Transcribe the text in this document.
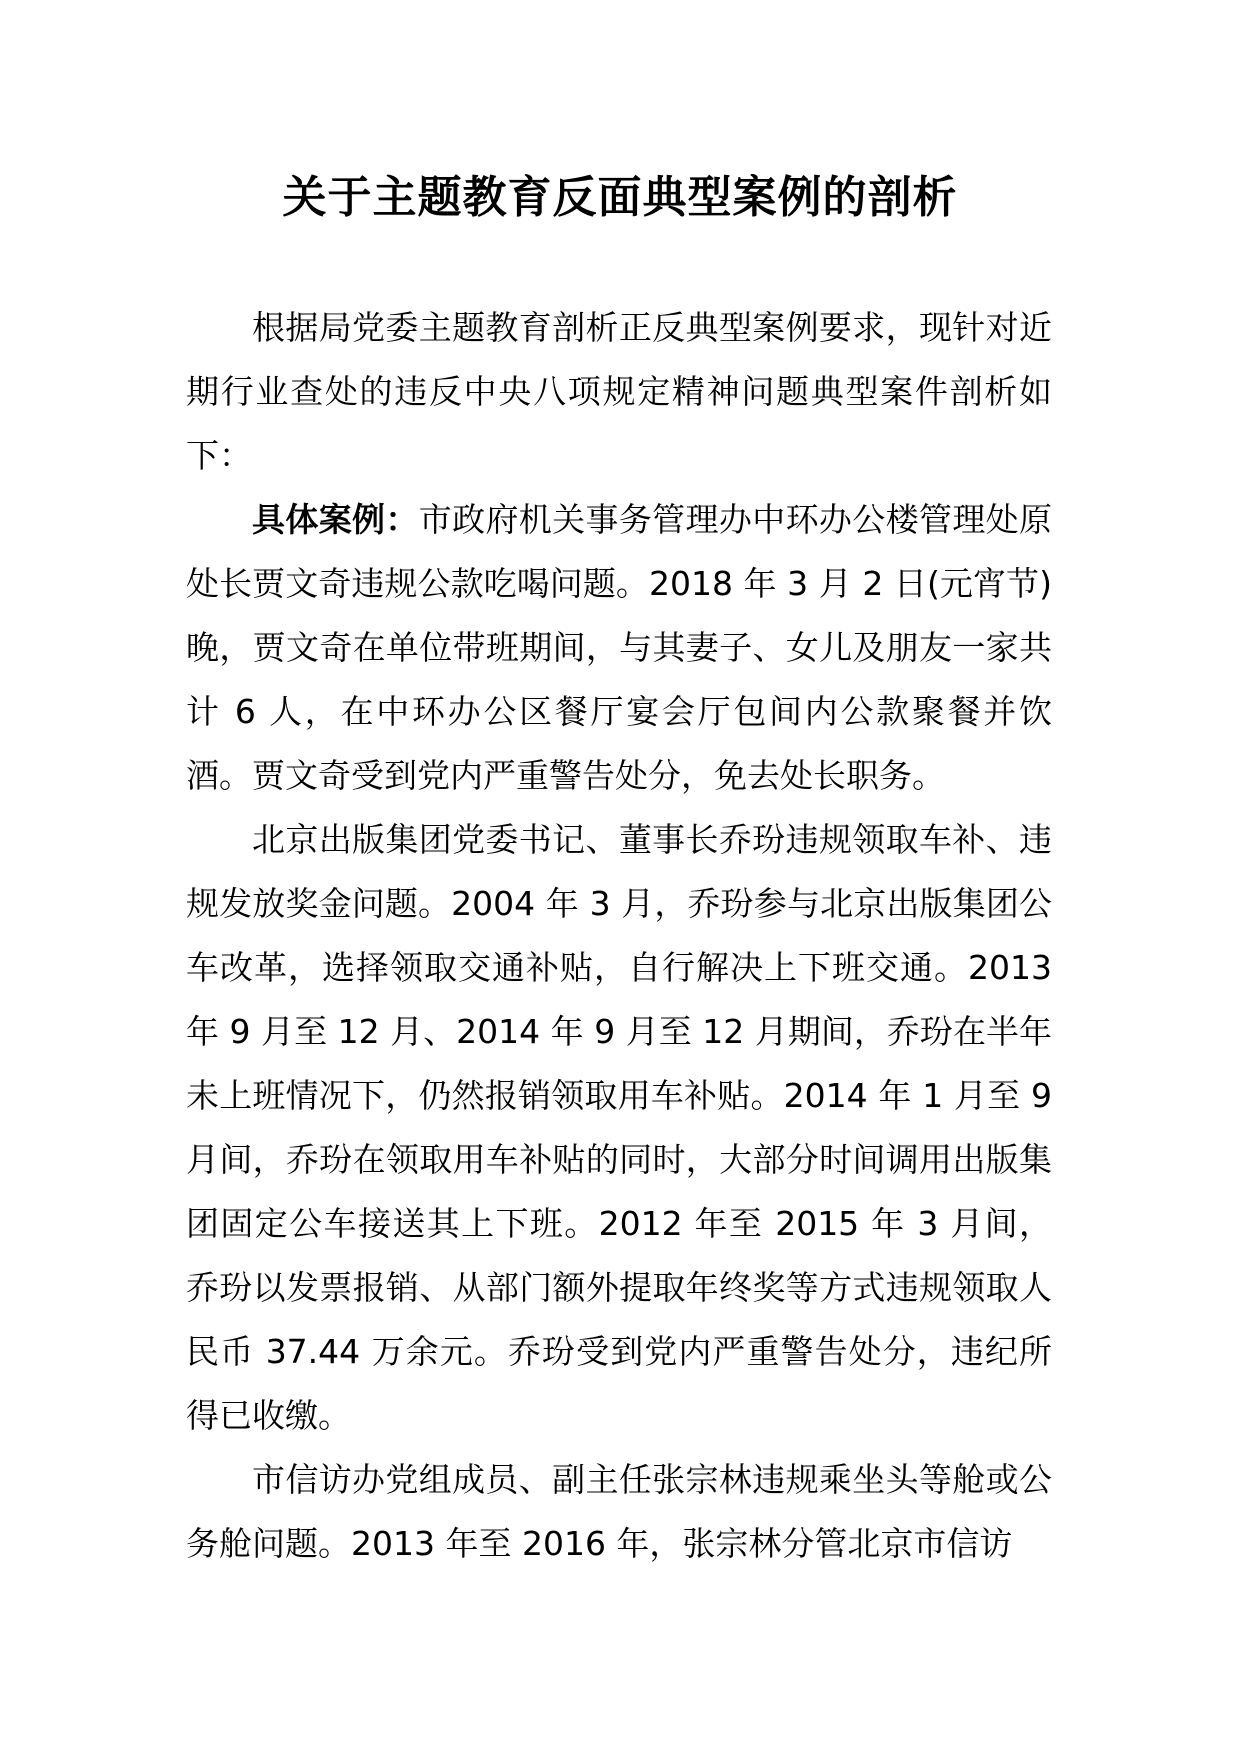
关于主题教育反面典型案例的剖析

根据局党委主题教育剖析正反典型案例要求，现针对近期行业查处的违反中央八项规定精神问题典型案件剖析如下：

具体案例：市政府机关事务管理办中环办公楼管理处原处长贾文奇违规公款吃喝问题。2018 年 3 月 2 日(元宵节)晚，贾文奇在单位带班期间，与其妻子、女儿及朋友一家共计 6 人，在中环办公区餐厅宴会厅包间内公款聚餐并饮酒。贾文奇受到党内严重警告处分，免去处长职务。

北京出版集团党委书记、董事长乔玢违规领取车补、违规发放奖金问题。2004 年 3 月，乔玢参与北京出版集团公车改革，选择领取交通补贴，自行解决上下班交通。2013 年 9 月至 12 月、2014 年 9 月至 12 月期间，乔玢在半年未上班情况下，仍然报销领取用车补贴。2014 年 1 月至 9 月间，乔玢在领取用车补贴的同时，大部分时间调用出版集团固定公车接送其上下班。2012 年至 2015 年 3 月间，乔玢以发票报销、从部门额外提取年终奖等方式违规领取人民币 37.44 万余元。乔玢受到党内严重警告处分，违纪所得已收缴。

市信访办党组成员、副主任张宗林违规乘坐头等舱或公务舱问题。2013 年至 2016 年，张宗林分管北京市信访
